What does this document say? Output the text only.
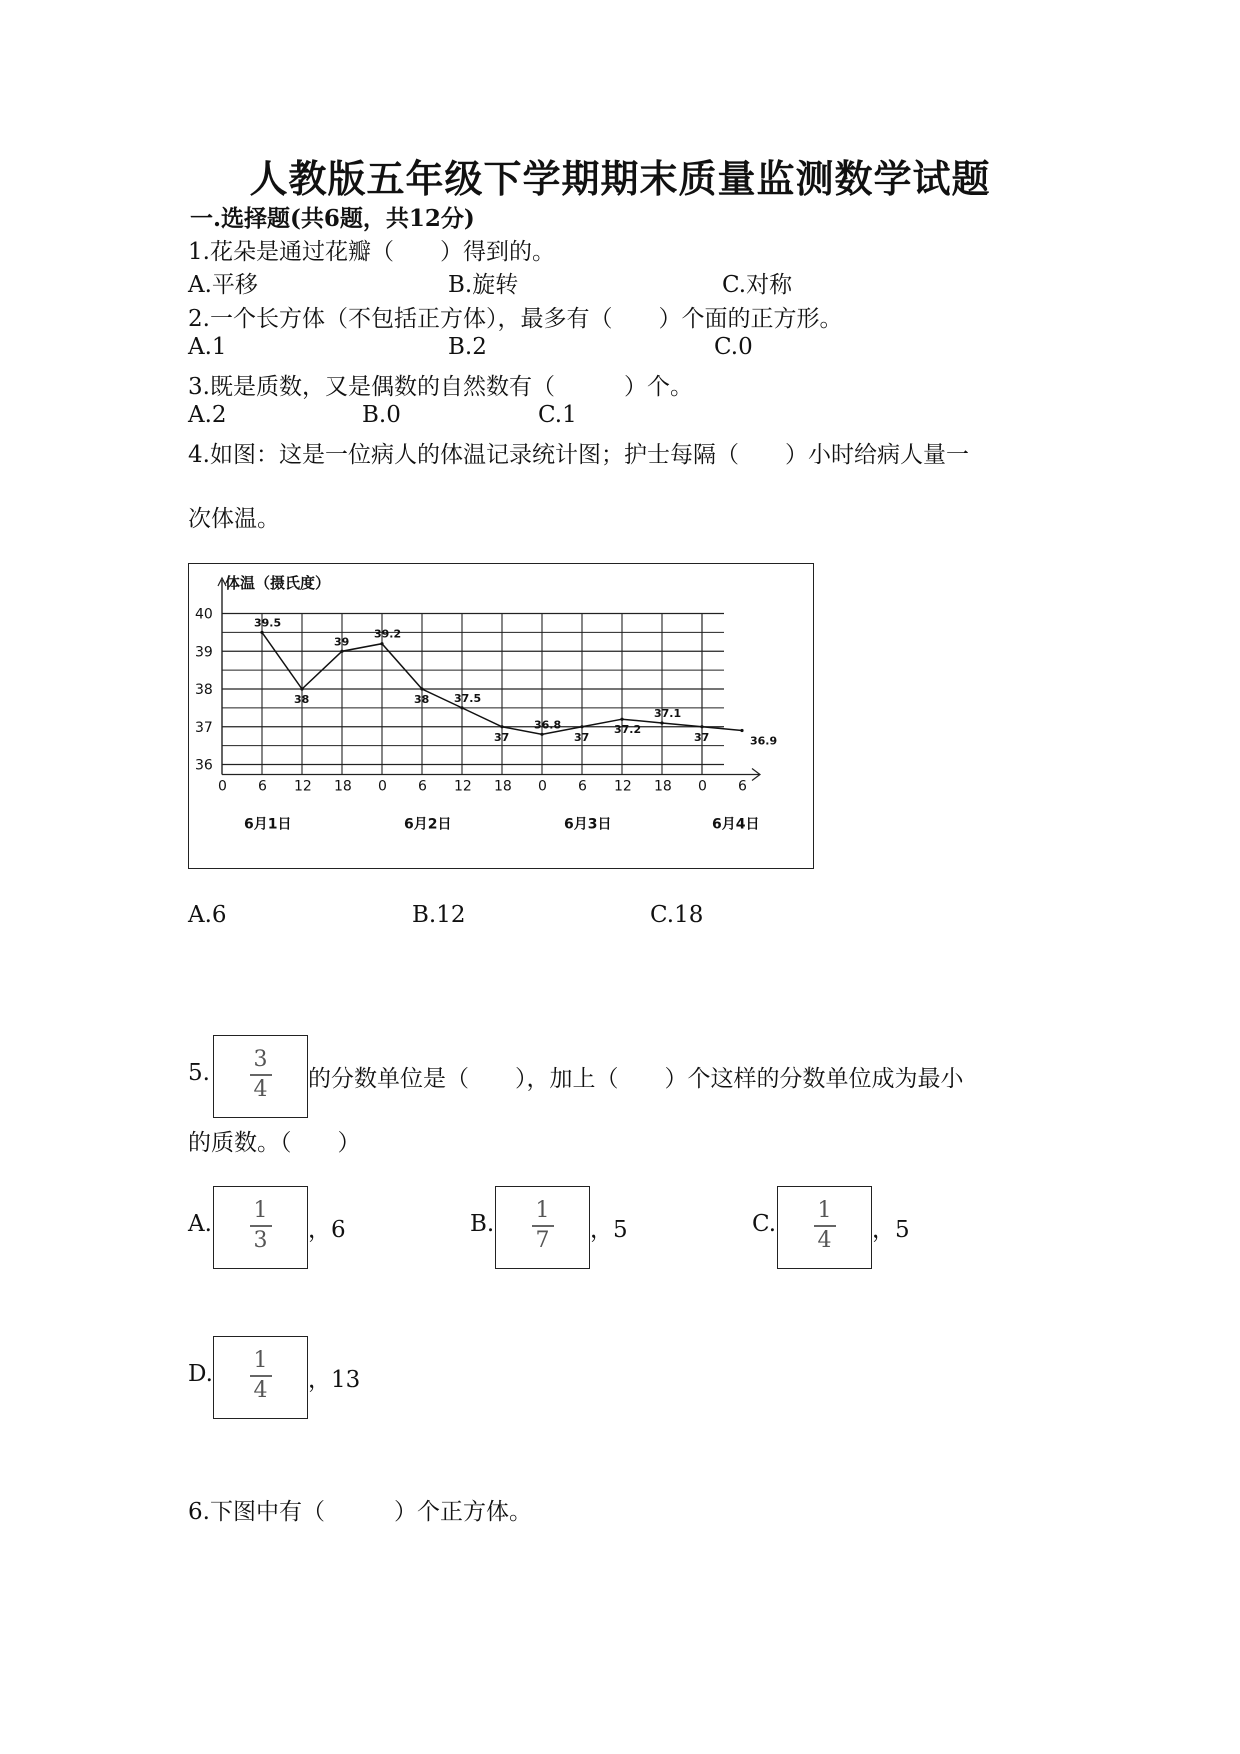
人教版五年级下学期期末质量监测数学试题
一.选择题(共6题，共12分)
1.花朵是通过花瓣（　　）得到的。
A.平移	B.旋转	C.对称
2.一个长方体（不包括正方体），最多有（　　）个面的正方形。
A.1	B.2	C.0
3.既是质数，又是偶数的自然数有（　　　）个。
A.2	B.0	C.1
4.如图：这是一位病人的体温记录统计图；护士每隔（　　）小时给病人量一
次体温。
体温（摄氏度）
40
39
38
37
36
0 6 12 18 0 6 12 18 0 6 12 18 0 6
6月1日	6月2日	6月3日	6月4日
39.5
38
39
39.2
38 37.5
37
36.8
37
37.2
37.1
37	36.9
A.6	B.12	C.18
5.
3
4	的分数单位是（　　），加上（　　）个这样的分数单位成为最小
的质数。（　　）
A.
1
3	，6	B.
1
7	，5	C.
1
4	，5
D.
1
4	，13
6.下图中有（　　　）个正方体。
